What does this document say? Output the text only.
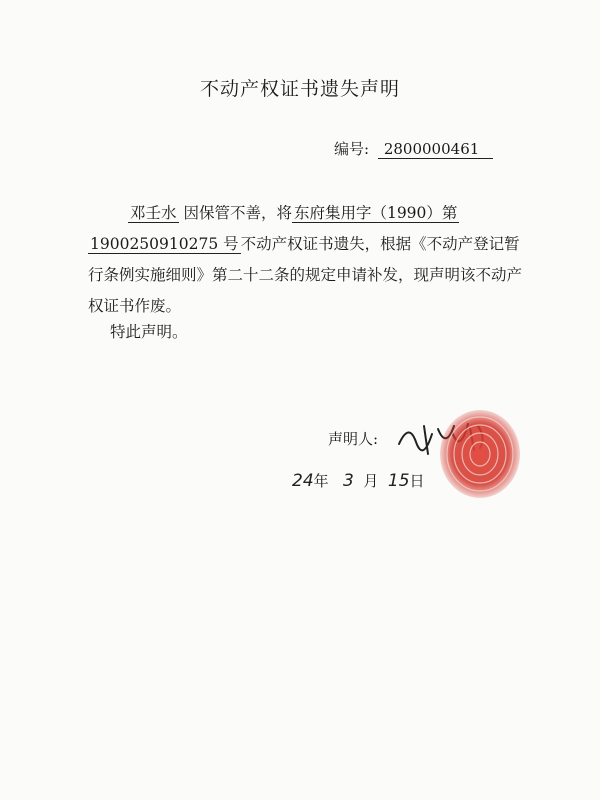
不动产权证书遗失声明
编号: 2800000461

邓壬水 因保管不善，将 东府集用字（1990）第1900250910275 号 不动产权证书遗失，根据《不动产登记暂行条例实施细则》第二十二条的规定申请补发，现声明该不动产权证书作废。

特此声明。
声明人:
24年 3 月 15日
